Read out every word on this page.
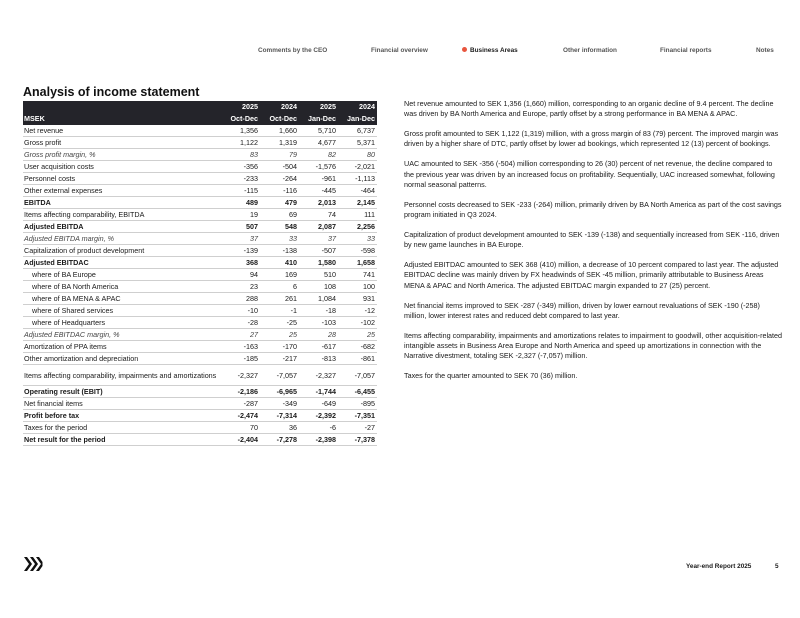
Comments by the CEO	Financial overview	Business Areas	Other information	Financial reports	Notes
Analysis of income statement
	2025	2024	2025	2024
MSEK	Oct-Dec	Oct-Dec	Jan-Dec	Jan-Dec
Net revenue	1,356	1,660	5,710	6,737
Gross profit	1,122	1,319	4,677	5,371
Gross profit margin, %	83	79	82	80
User acquisition costs	-356	-504	-1,576	-2,021
Personnel costs	-233	-264	-961	-1,113
Other external expenses	-115	-116	-445	-464
EBITDA	489	479	2,013	2,145
Items affecting comparability, EBITDA	19	69	74	111
Adjusted EBITDA	507	548	2,087	2,256
Adjusted EBITDA margin, %	37	33	37	33
Capitalization of product development	-139	-138	-507	-598
Adjusted EBITDAC	368	410	1,580	1,658
where of BA Europe	94	169	510	741
where of BA North America	23	6	108	100
where of BA MENA & APAC	288	261	1,084	931
where of Shared services	-10	-1	-18	-12
where of Headquarters	-28	-25	-103	-102
Adjusted EBITDAC margin, %	27	25	28	25
Amortization of PPA items	-163	-170	-617	-682
Other amortization and depreciation	-185	-217	-813	-861
Items affecting comparability, impairments and amortizations	-2,327	-7,057	-2,327	-7,057
Operating result (EBIT)	-2,186	-6,965	-1,744	-6,455
Net financial items	-287	-349	-649	-895
Profit before tax	-2,474	-7,314	-2,392	-7,351
Taxes for the period	70	36	-6	-27
Net result for the period	-2,404	-7,278	-2,398	-7,378

Net revenue amounted to SEK 1,356 (1,660) million, corresponding to an organic decline of 9.4 percent. The decline was driven by BA North America and Europe, partly offset by a strong performance in BA MENA & APAC.

Gross profit amounted to SEK 1,122 (1,319) million, with a gross margin of 83 (79) percent. The improved margin was driven by a higher share of DTC, partly offset by lower ad bookings, which represented 12 (13) percent of bookings.

UAC amounted to SEK -356 (-504) million corresponding to 26 (30) percent of net revenue, the decline compared to the previous year was driven by an increased focus on profitability. Sequentially, UAC increased somewhat, following normal seasonal patterns.

Personnel costs decreased to SEK -233 (-264) million, primarily driven by BA North America as part of the cost savings program initiated in Q3 2024.

Capitalization of product development amounted to SEK -139 (-138) and sequentially increased from SEK -116, driven by new game launches in BA Europe.

Adjusted EBITDAC amounted to SEK 368 (410) million, a decrease of 10 percent compared to last year. The adjusted EBITDAC decline was mainly driven by FX headwinds of SEK -45 million, primarily attributable to Business Areas MENA & APAC and North America. The adjusted EBITDAC margin expanded to 27 (25) percent.

Net financial items improved to SEK -287 (-349) million, driven by lower earnout revaluations of SEK -190 (-258) million, lower interest rates and reduced debt compared to last year.

Items affecting comparability, impairments and amortizations relates to impairment to goodwill, other acquisition-related intangible assets in Business Area Europe and North America and speed up amortizations in connection with the Narrative divestment, totaling SEK -2,327 (-7,057) million.

Taxes for the quarter amounted to SEK 70 (36) million.

Year-end Report 2025	5
